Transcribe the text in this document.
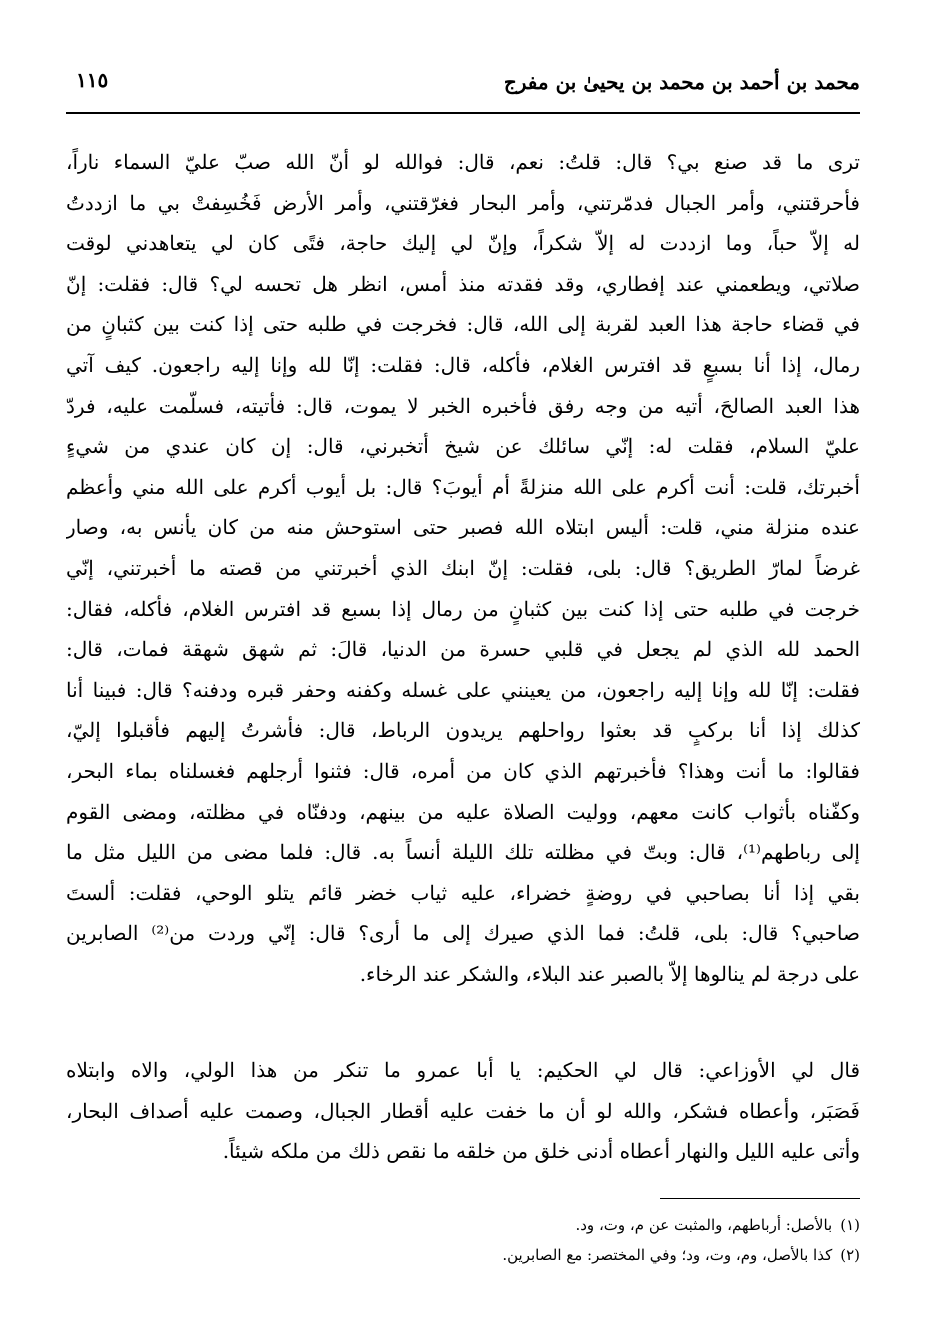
محمد بن أحمد بن محمد بن يحيىٰ بن مفرج
١١٥
ترى ما قد صنع بي؟ قال: قلتُ: نعم، قال: فوالله لو أنّ الله صبّ عليّ السماء ناراً،
فأحرقتني، وأمر الجبال فدمّرتني، وأمر البحار فغرّقتني، وأمر الأرض فَخُسِفتْ بي ما ازددتُ
له إلاّ حباً، وما ازددت له إلاّ شكراً، وإنّ لي إليك حاجة، فتًى كان لي يتعاهدني لوقت
صلاتي، ويطعمني عند إفطاري، وقد فقدته منذ أمس، انظر هل تحسه لي؟ قال: فقلت: إنّ
في قضاء حاجة هذا العبد لقربة إلى الله، قال: فخرجت في طلبه حتى إذا كنت بين كثبانٍ من
رمال، إذا أنا بسبعٍ قد افترس الغلام، فأكله، قال: فقلت: إنّا لله وإنا إليه راجعون. كيف آتي
هذا العبد الصالحَ، أتيه من وجه رفق فأخبره الخبر لا يموت، قال: فأتيته، فسلّمت عليه، فردّ
عليّ السلام، فقلت له: إنّي سائلك عن شيخ أتخبرني، قال: إن كان عندي من شيءٍ
أخبرتك، قلت: أنت أكرم على الله منزلةً أم أيوبَ؟ قال: بل أيوب أكرم على الله مني وأعظم
عنده منزلة مني، قلت: أليس ابتلاه الله فصبر حتى استوحش منه من كان يأنس به، وصار
غرضاً لمارّ الطريق؟ قال: بلى، فقلت: إنّ ابنك الذي أخبرتني من قصته ما أخبرتني، إنّي
خرجت في طلبه حتى إذا كنت بين كثبانٍ من رمال إذا بسبع قد افترس الغلام، فأكله، فقال:
الحمد لله الذي لم يجعل في قلبي حسرة من الدنيا، قالَ: ثم شهق شهقة فمات، قال:
فقلت: إنّا لله وإنا إليه راجعون، من يعينني على غسله وكفنه وحفر قبره ودفنه؟ قال: فبينا أنا
كذلك إذا أنا بركبٍ قد بعثوا رواحلهم يريدون الرباط، قال: فأشرتُ إليهم فأقبلوا إليّ،
فقالوا: ما أنت وهذا؟ فأخبرتهم الذي كان من أمره، قال: فثنوا أرجلهم فغسلناه بماء البحر،
وكفّناه بأثواب كانت معهم، ووليت الصلاة عليه من بينهم، ودفنّاه في مظلته، ومضى القوم
إلى رباطهم⁽¹⁾، قال: وبتّ في مظلته تلك الليلة أنساً به. قال: فلما مضى من الليل مثل ما
بقي إذا أنا بصاحبي في روضةٍ خضراء، عليه ثياب خضر قائم يتلو الوحي، فقلت: ألستَ
صاحبي؟ قال: بلى، قلتُ: فما الذي صيرك إلى ما أرى؟ قال: إنّي وردت من⁽²⁾ الصابرين
على درجة لم ينالوها إلاّ بالصبر عند البلاء، والشكر عند الرخاء.
قال لي الأوزاعي: قال لي الحكيم: يا أبا عمرو ما تنكر من هذا الولي، والاه وابتلاه
فَصَبَر، وأعطاه فشكر، والله لو أن ما خفت عليه أقطار الجبال، وصمت عليه أصداف البحار،
وأتى عليه الليل والنهار أعطاه أدنى خلق من خلقه ما نقص ذلك من ملكه شيئاً.
(١)بالأصل: أرباطهم، والمثبت عن م، وت، ود.
(٢)كذا بالأصل، وم، وت، ود؛ وفي المختصر: مع الصابرين.
